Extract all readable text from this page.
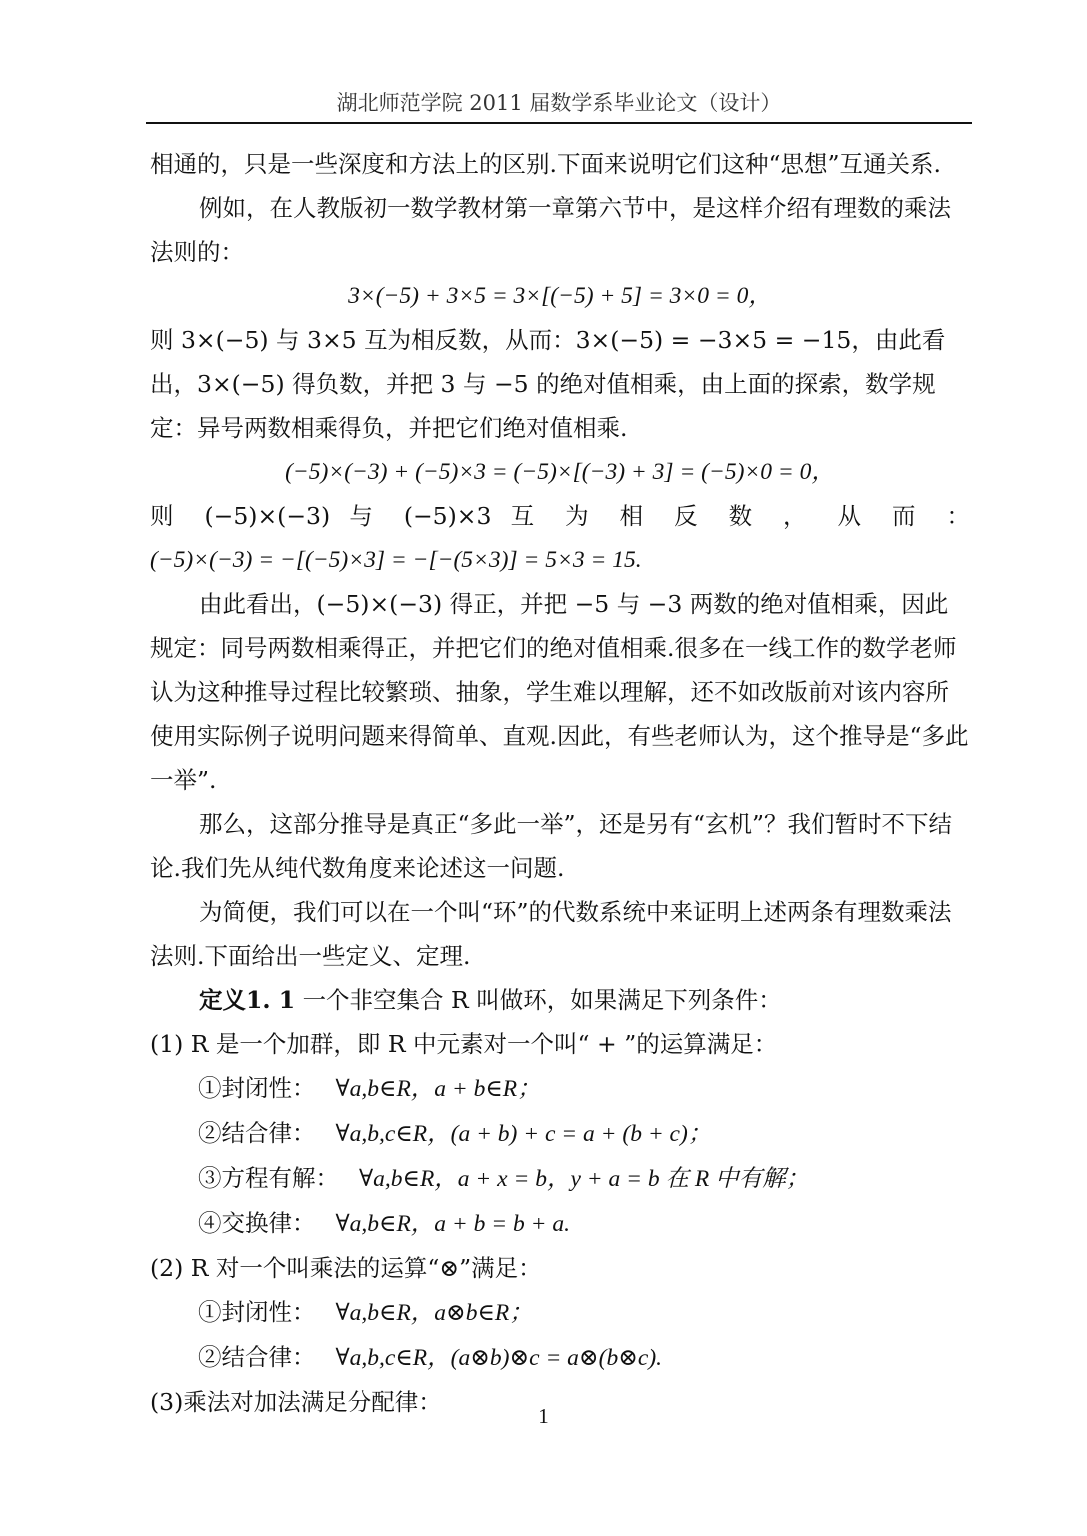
湖北师范学院 2011 届数学系毕业论文（设计）

相通的，只是一些深度和方法上的区别.下面来说明它们这种“思想”互通关系.

例如，在人教版初一数学教材第一章第六节中，是这样介绍有理数的乘法法则的：

3×(−5) + 3×5 = 3×[(−5) + 5] = 3×0 = 0，

则 3×(−5) 与 3×5 互为相反数，从而：3×(−5) = −3×5 = −15，由此看出，3×(−5) 得负数，并把 3 与 −5 的绝对值相乘，由上面的探索，数学规定：异号两数相乘得负，并把它们绝对值相乘.

(−5)×(−3) + (−5)×3 = (−5)×[(−3) + 3] = (−5)×0 = 0，

则 (−5)×(−3) 与 (−5)×3 互 为 相 反 数 ， 从 而 ：

(−5)×(−3) = −[(−5)×3] = −[−(5×3)] = 5×3 = 15.

由此看出，(−5)×(−3) 得正，并把 −5 与 −3 两数的绝对值相乘，因此规定：同号两数相乘得正，并把它们的绝对值相乘.很多在一线工作的数学老师认为这种推导过程比较繁琐、抽象，学生难以理解，还不如改版前对该内容所使用实际例子说明问题来得简单、直观.因此，有些老师认为，这个推导是“多此一举”.

那么，这部分推导是真正“多此一举”，还是另有“玄机”？我们暂时不下结论.我们先从纯代数角度来论述这一问题.

为简便，我们可以在一个叫“环”的代数系统中来证明上述两条有理数乘法法则.下面给出一些定义、定理.

定义1. 1 一个非空集合 R 叫做环，如果满足下列条件：

(1) R 是一个加群，即 R 中元素对一个叫“ + ”的运算满足：

①封闭性： ∀a,b∈R，a + b∈R；
②结合律： ∀a,b,c∈R，(a + b) + c = a + (b + c)；
③方程有解： ∀a,b∈R，a + x = b，y + a = b 在 R 中有解；
④交换律： ∀a,b∈R，a + b = b + a.

(2) R 对一个叫乘法的运算“⊗”满足：

①封闭性： ∀a,b∈R，a⊗b∈R；
②结合律： ∀a,b,c∈R，(a⊗b)⊗c = a⊗(b⊗c).

(3)乘法对加法满足分配律：	1
